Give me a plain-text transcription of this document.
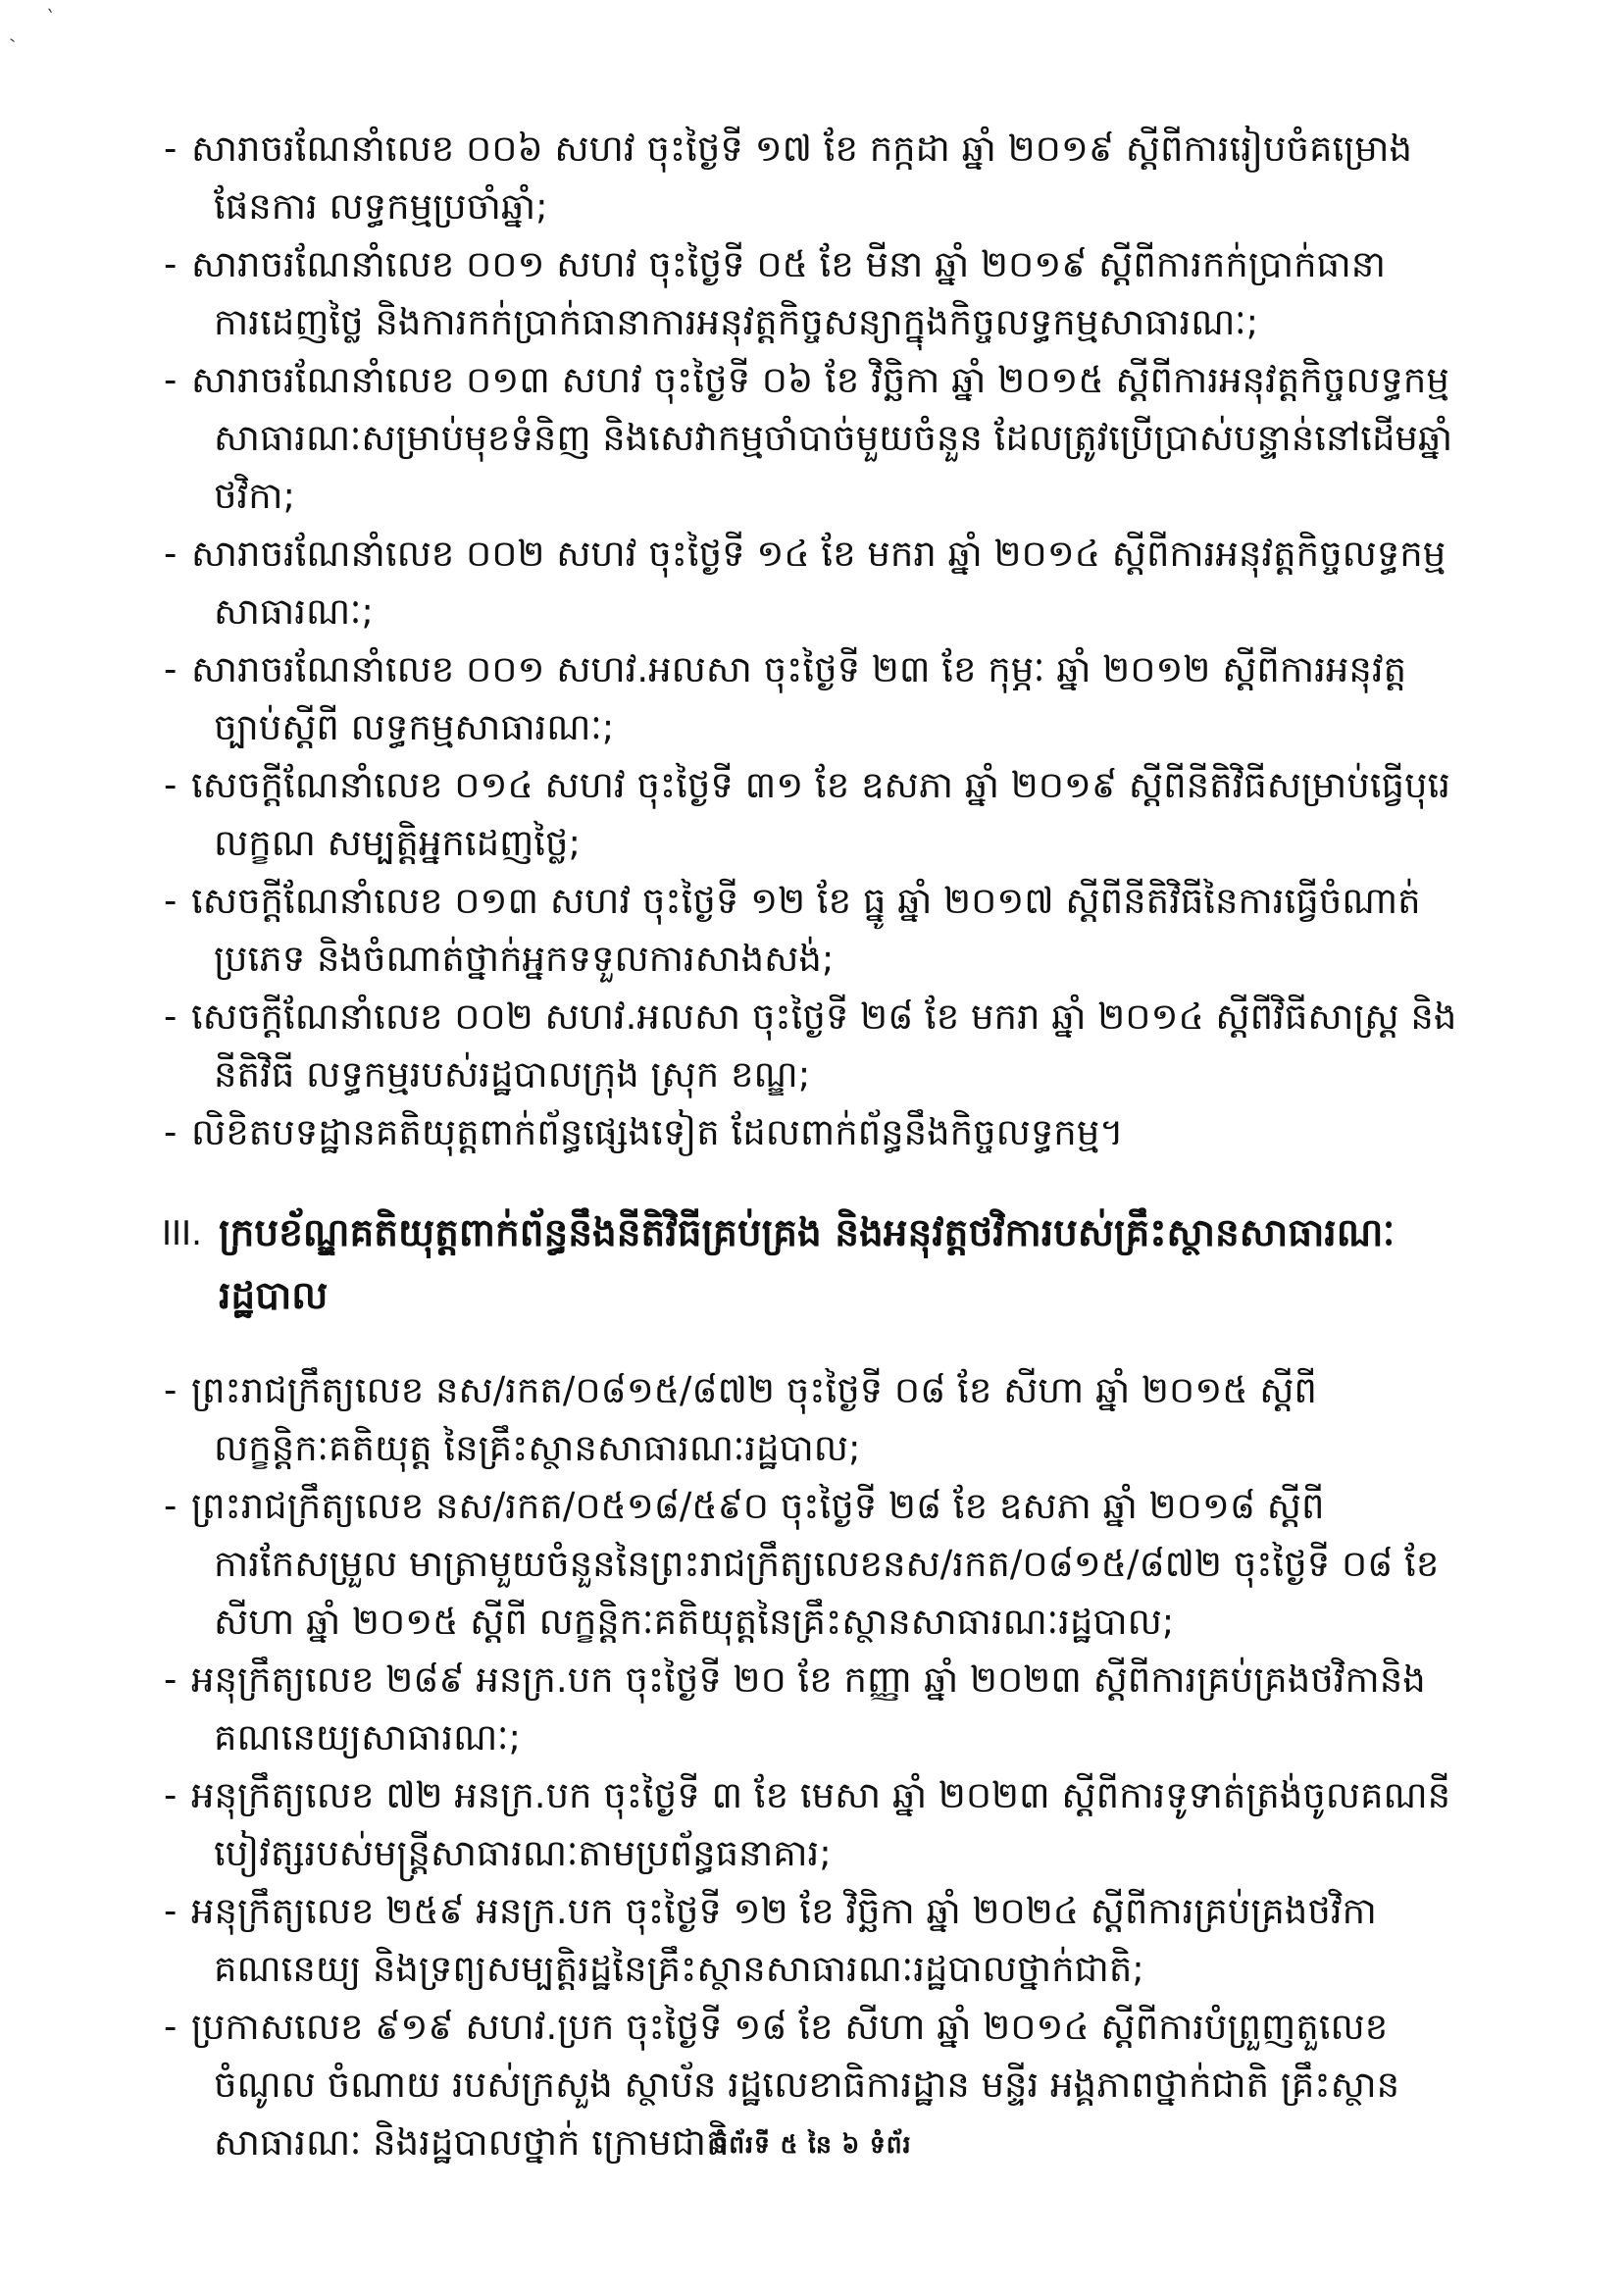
`
`
- សារាចរណែនាំលេខ ០០៦ សហវ ចុះថ្ងៃទី ១៧ ខែ កក្កដា ឆ្នាំ ២០១៩ ស្តីពីការរៀបចំគម្រោងផែនការ លទ្ធកម្មប្រចាំឆ្នាំ;
- សារាចរណែនាំលេខ ០០១ សហវ ចុះថ្ងៃទី ០៥ ខែ មីនា ឆ្នាំ ២០១៩ ស្តីពីការកក់ប្រាក់ធានាការដេញថ្លៃ និងការកក់ប្រាក់ធានាការអនុវត្តកិច្ចសន្យាក្នុងកិច្ចលទ្ធកម្មសាធារណៈ;
- សារាចរណែនាំលេខ ០១៣ សហវ ចុះថ្ងៃទី ០៦ ខែ វិច្ឆិកា ឆ្នាំ ២០១៥ ស្តីពីការអនុវត្តកិច្ចលទ្ធកម្ម សាធារណៈសម្រាប់មុខទំនិញ និងសេវាកម្មចាំបាច់មួយចំនួន ដែលត្រូវប្រើប្រាស់បន្ទាន់នៅដើមឆ្នាំថវិកា;
- សារាចរណែនាំលេខ ០០២ សហវ ចុះថ្ងៃទី ១៤ ខែ មករា ឆ្នាំ ២០១៤ ស្តីពីការអនុវត្តកិច្ចលទ្ធកម្មសាធារណៈ;
- សារាចរណែនាំលេខ ០០១ សហវ.អលសា ចុះថ្ងៃទី ២៣ ខែ កុម្ភៈ ឆ្នាំ ២០១២ ស្តីពីការអនុវត្តច្បាប់ស្តីពី លទ្ធកម្មសាធារណៈ;
- សេចក្តីណែនាំលេខ ០១៤ សហវ ចុះថ្ងៃទី ៣១ ខែ ឧសភា ឆ្នាំ ២០១៩ ស្តីពីនីតិវិធីសម្រាប់ធ្វើបុរេលក្ខណ សម្បត្តិអ្នកដេញថ្លៃ;
- សេចក្តីណែនាំលេខ ០១៣ សហវ ចុះថ្ងៃទី ១២ ខែ ធ្នូ ឆ្នាំ ២០១៧ ស្តីពីនីតិវិធីនៃការធ្វើចំណាត់ប្រភេទ និងចំណាត់ថ្នាក់អ្នកទទួលការសាងសង់;
- សេចក្តីណែនាំលេខ ០០២ សហវ.អលសា ចុះថ្ងៃទី ២៨ ខែ មករា ឆ្នាំ ២០១៤ ស្តីពីវិធីសាស្រ្ត និងនីតិវិធី លទ្ធកម្មរបស់រដ្ឋបាលក្រុង ស្រុក ខណ្ឌ;
- លិខិតបទដ្ឋានគតិយុត្តពាក់ព័ន្ធផ្សេងទៀត ដែលពាក់ព័ន្ធនឹងកិច្ចលទ្ធកម្ម។
III. ក្របខ័ណ្ឌគតិយុត្តពាក់ព័ន្ធនឹងនីតិវិធីគ្រប់គ្រង និងអនុវត្តថវិការបស់គ្រឹះស្ថានសាធារណៈរដ្ឋបាល
- ព្រះរាជក្រឹត្យលេខ នស/រកត/០៨១៥/៨៧២ ចុះថ្ងៃទី ០៨ ខែ សីហា ឆ្នាំ ២០១៥ ស្តីពីលក្ខន្តិកៈគតិយុត្ត នៃគ្រឹះស្ថានសាធារណៈរដ្ឋបាល;
- ព្រះរាជក្រឹត្យលេខ នស/រកត/០៥១៨/៥៩០ ចុះថ្ងៃទី ២៨ ខែ ឧសភា ឆ្នាំ ២០១៨ ស្តីពីការកែសម្រួល មាត្រាមួយចំនួននៃព្រះរាជក្រឹត្យលេខនស/រកត/០៨១៥/៨៧២ ចុះថ្ងៃទី ០៨ ខែ សីហា ឆ្នាំ ២០១៥ ស្តីពី លក្ខន្តិកៈគតិយុត្តនៃគ្រឹះស្ថានសាធារណៈរដ្ឋបាល;
- អនុក្រឹត្យលេខ ២៨៩ អនក្រ.បក ចុះថ្ងៃទី ២០ ខែ កញ្ញា ឆ្នាំ ២០២៣ ស្តីពីការគ្រប់គ្រងថវិកានិង គណនេយ្យសាធារណៈ;
- អនុក្រឹត្យលេខ ៧២ អនក្រ.បក ចុះថ្ងៃទី ៣ ខែ មេសា ឆ្នាំ ២០២៣ ស្តីពីការទូទាត់ត្រង់ចូលគណនី បៀវត្សរបស់មន្ត្រីសាធារណៈតាមប្រព័ន្ធធនាគារ;
- អនុក្រឹត្យលេខ ២៥៩ អនក្រ.បក ចុះថ្ងៃទី ១២ ខែ វិច្ឆិកា ឆ្នាំ ២០២៤ ស្តីពីការគ្រប់គ្រងថវិកា គណនេយ្យ និងទ្រព្យសម្បត្តិរដ្ឋនៃគ្រឹះស្ថានសាធារណៈរដ្ឋបាលថ្នាក់ជាតិ;
- ប្រកាសលេខ ៩១៩ សហវ.ប្រក ចុះថ្ងៃទី ១៨ ខែ សីហា ឆ្នាំ ២០១៤ ស្តីពីការបំព្រួញតួលេខចំណូល ចំណាយ របស់ក្រសួង ស្ថាប័ន រដ្ឋលេខាធិការដ្ឋាន មន្ទីរ អង្គភាពថ្នាក់ជាតិ គ្រឹះស្ថានសាធារណៈ និងរដ្ឋបាលថ្នាក់ ក្រោមជាតិ
ទំព័រទី ៥ នៃ ៦ ទំព័រ
